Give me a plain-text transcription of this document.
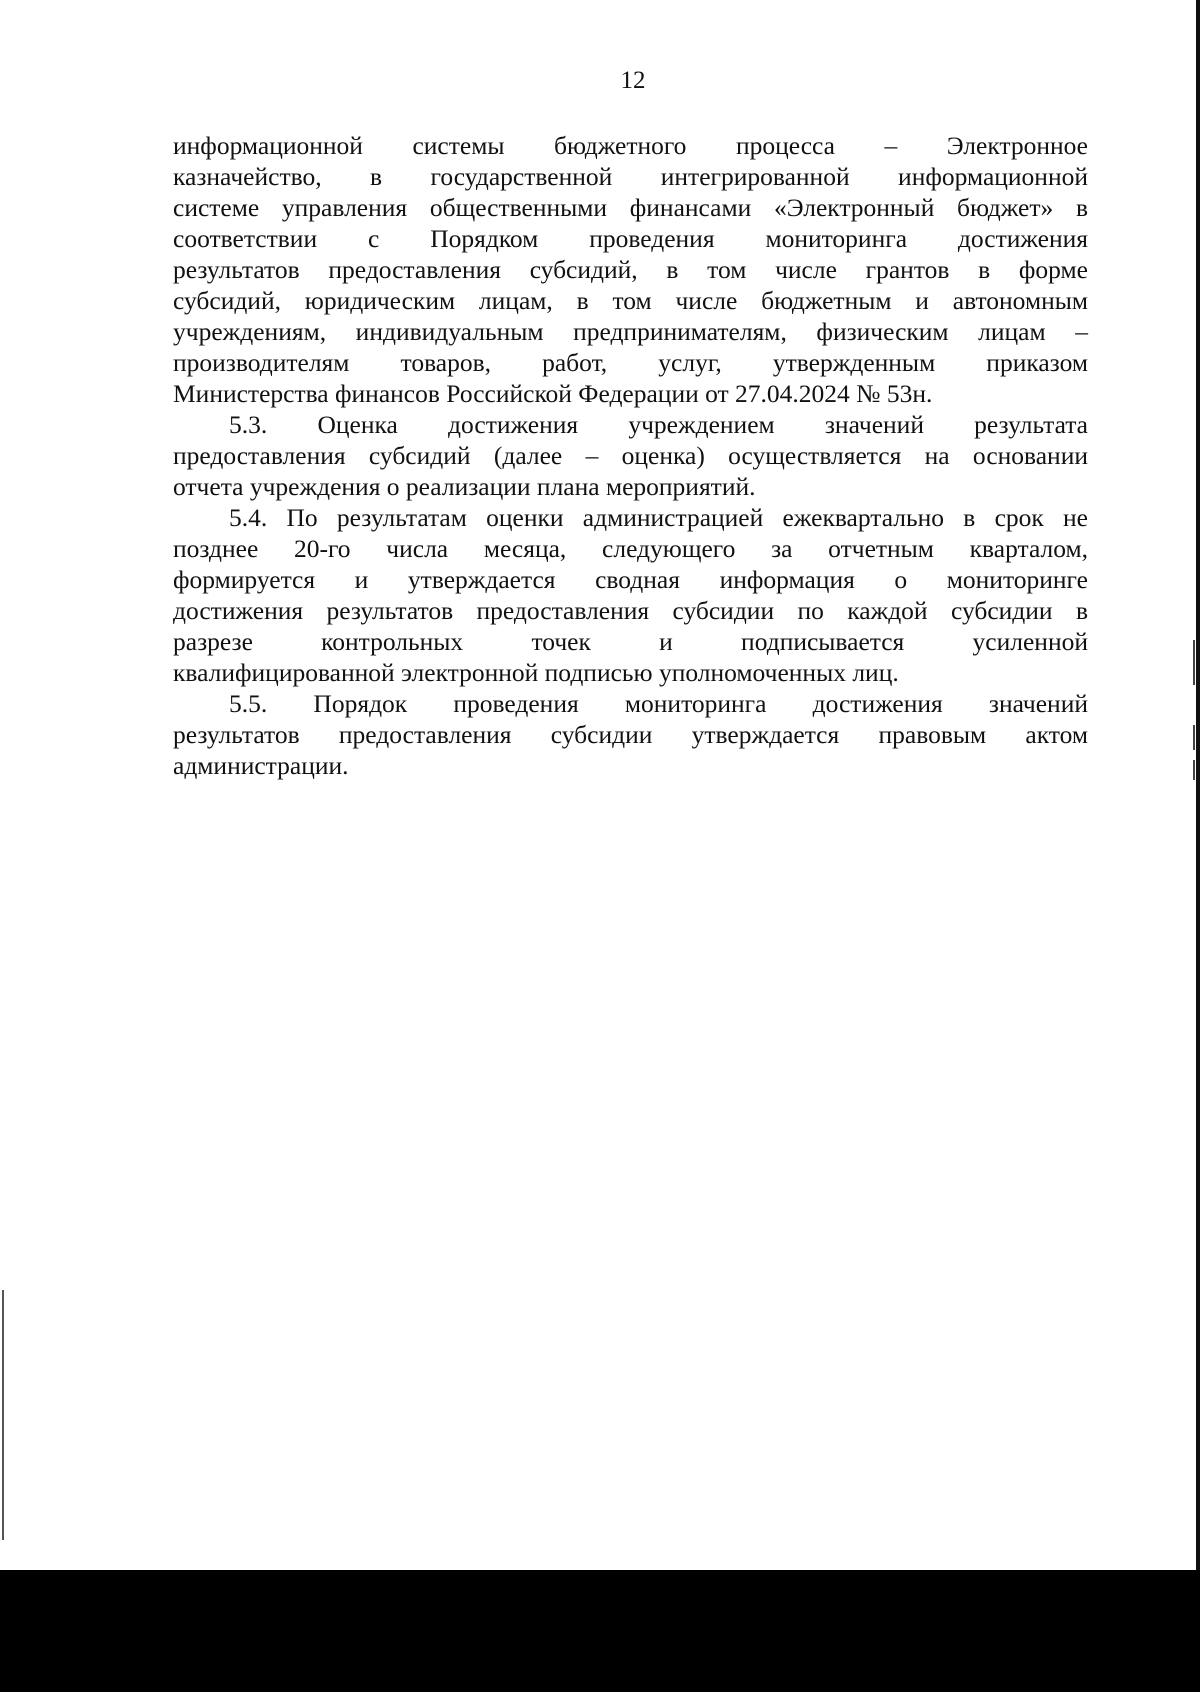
12

информационной системы бюджетного процесса – Электронное
казначейство, в государственной интегрированной информационной
системе управления общественными финансами «Электронный бюджет» в
соответствии с Порядком проведения мониторинга достижения
результатов предоставления субсидий, в том числе грантов в форме
субсидий, юридическим лицам, в том числе бюджетным и автономным
учреждениям, индивидуальным предпринимателям, физическим лицам –
производителям товаров, работ, услуг, утвержденным приказом
Министерства финансов Российской Федерации от 27.04.2024 № 53н.

5.3. Оценка достижения учреждением значений результата
предоставления субсидий (далее – оценка) осуществляется на основании
отчета учреждения о реализации плана мероприятий.

5.4. По результатам оценки администрацией ежеквартально в срок не
позднее 20-го числа месяца, следующего за отчетным кварталом,
формируется и утверждается сводная информация о мониторинге
достижения результатов предоставления субсидии по каждой субсидии в
разрезе контрольных точек и подписывается усиленной
квалифицированной электронной подписью уполномоченных лиц.

5.5. Порядок проведения мониторинга достижения значений
результатов предоставления субсидии утверждается правовым актом
администрации.
